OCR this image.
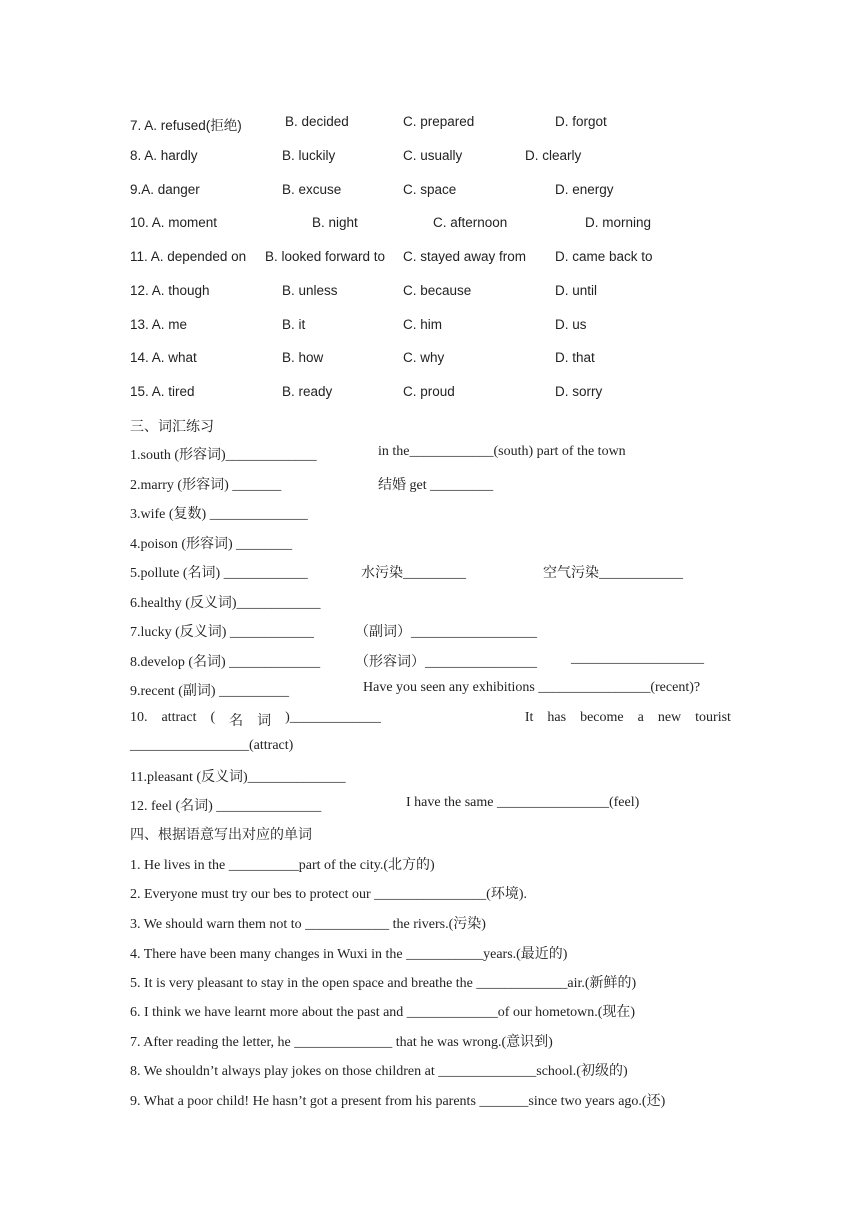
7. A. refused(拒绝)	B. decided	C. prepared	D. forgot
8. A. hardly	B. luckily	C. usually	D. clearly
9.A. danger	B. excuse	C. space	D. energy
10. A. moment	B. night	C. afternoon	D. morning
11. A. depended on B. looked forward to C. stayed away from D. came back to
12. A. though	B. unless	C. because	D. until
13. A. me	B. it	C. him	D. us
14. A. what	B. how	C. why	D. that
15. A. tired	B. ready	C. proud	D. sorry
三、词汇练习
1.south (形容词)_____________	in the____________(south) part of the town
2.marry (形容词) _______	结婚 get _________
3.wife (复数) ______________
4.poison (形容词) ________
5.pollute (名词) ____________	水污染_________	空气污染____________
6.healthy (反义词)____________
7.lucky (反义词) ____________	（副词）__________________
8.develop (名词) _____________ （形容词）________________ ___________________
9.recent (副词) __________	Have you seen any exhibitions ________________(recent)?
10. attract ( 名 词 )_____________	It has become a new tourist
_________________(attract)
11.pleasant (反义词)______________
12. feel (名词) _______________	I have the same ________________(feel)
四、根据语意写出对应的单词
1. He lives in the __________part of the city.(北方的)
2. Everyone must try our bes to protect our ________________(环境).
3. We should warn them not to ____________ the rivers.(污染)
4. There have been many changes in Wuxi in the ___________years.(最近的)
5. It is very pleasant to stay in the open space and breathe the _____________air.(新鲜的)
6. I think we have learnt more about the past and _____________of our hometown.(现在)
7. After reading the letter, he ______________ that he was wrong.(意识到)
8. We shouldn’t always play jokes on those children at ______________school.(初级的)
9. What a poor child! He hasn’t got a present from his parents _______since two years ago.(还)
